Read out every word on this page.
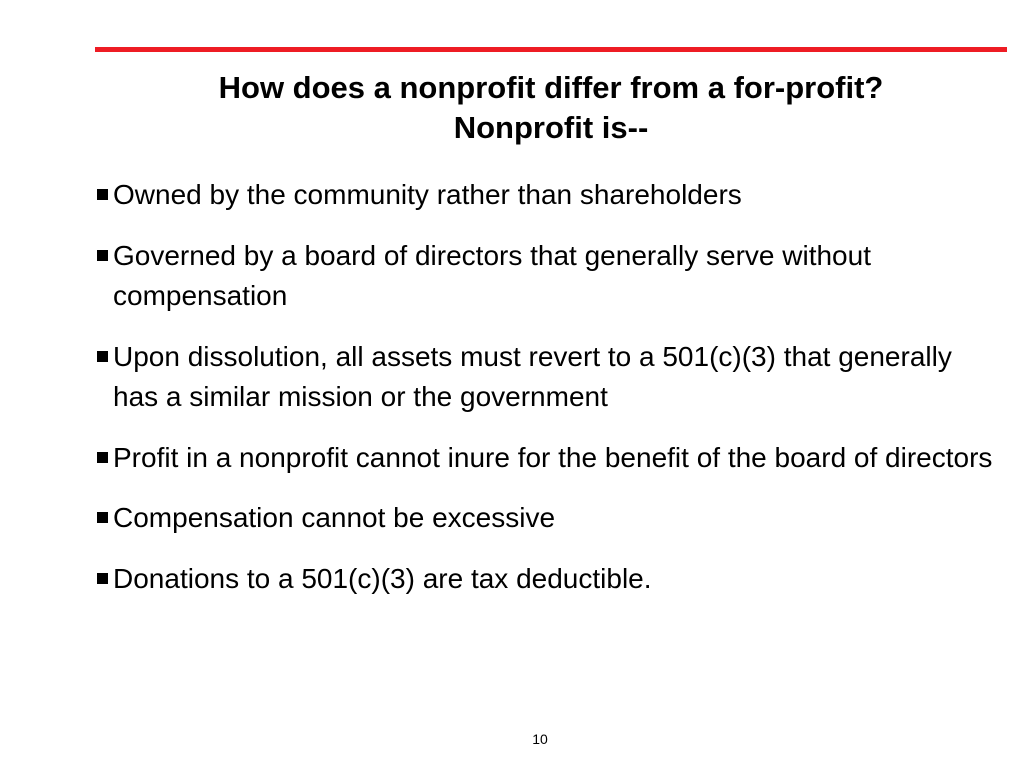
How does a nonprofit differ from a for-profit?
Nonprofit is--
Owned by the community rather than shareholders
Governed by a board of directors that generally serve without compensation
Upon dissolution, all assets must revert to a 501(c)(3) that generally has a similar mission or the government
Profit in a nonprofit cannot inure for the benefit of the board of directors
Compensation cannot be excessive
Donations to a 501(c)(3) are tax deductible.
10
